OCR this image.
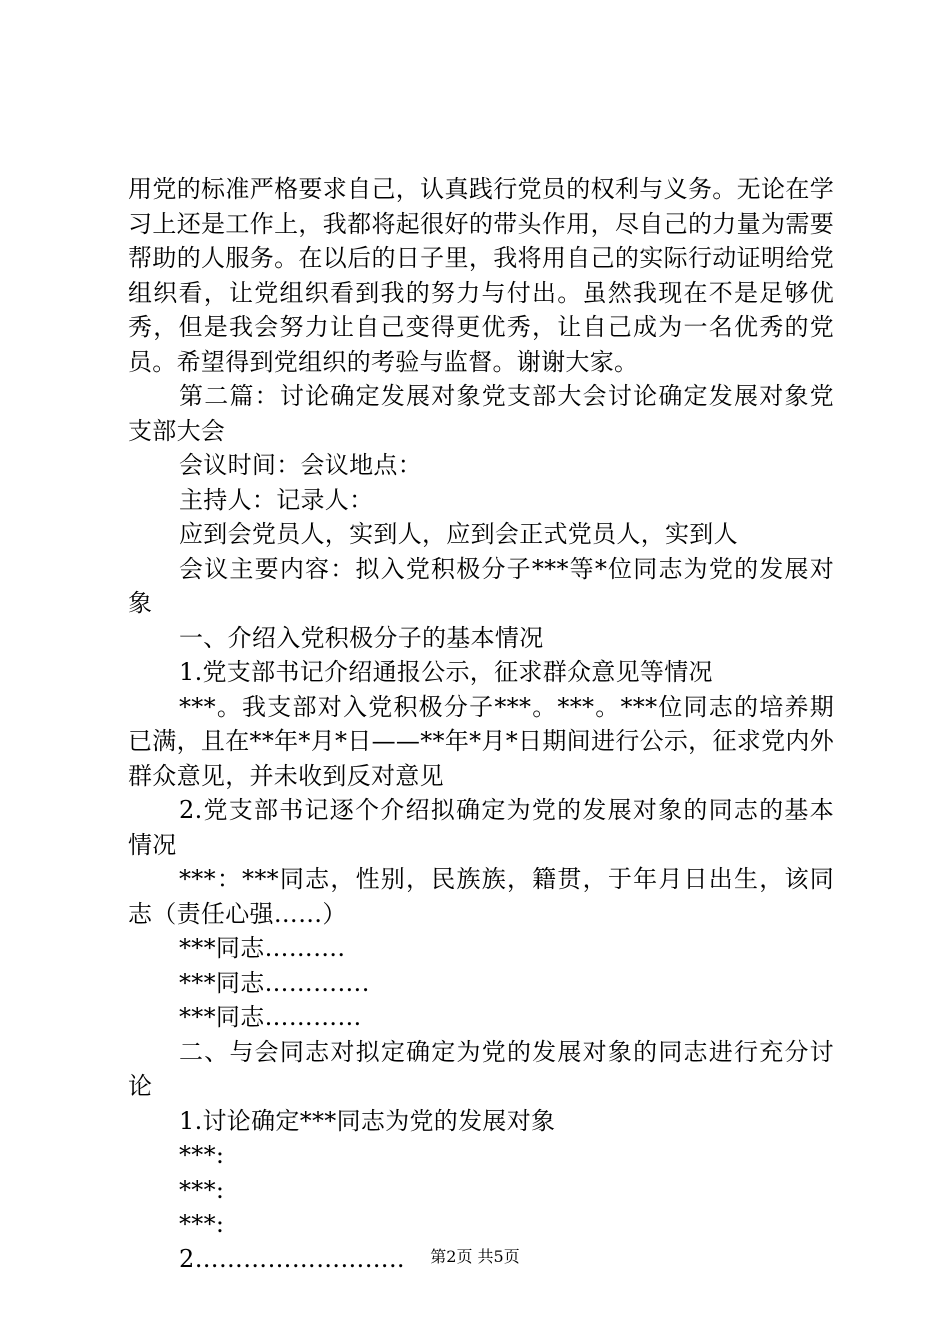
用党的标准严格要求自己，认真践行党员的权利与义务。无论在学习上还是工作上，我都将起很好的带头作用，尽自己的力量为需要帮助的人服务。在以后的日子里，我将用自己的实际行动证明给党组织看，让党组织看到我的努力与付出。虽然我现在不是足够优秀，但是我会努力让自己变得更优秀，让自己成为一名优秀的党员。希望得到党组织的考验与监督。谢谢大家。

第二篇：讨论确定发展对象党支部大会讨论确定发展对象党支部大会

会议时间：会议地点：

主持人：记录人：

应到会党员人，实到人，应到会正式党员人，实到人

会议主要内容：拟入党积极分子***等*位同志为党的发展对象

一、介绍入党积极分子的基本情况

1.党支部书记介绍通报公示，征求群众意见等情况

***。我支部对入党积极分子***。***。***位同志的培养期已满，且在**年*月*日——**年*月*日期间进行公示，征求党内外群众意见，并未收到反对意见

2.党支部书记逐个介绍拟确定为党的发展对象的同志的基本情况

***：***同志，性别，民族族，籍贯，于年月日出生，该同志（责任心强……）

***同志……….

***同志………….

***同志…………

二、与会同志对拟定确定为党的发展对象的同志进行充分讨论

1.讨论确定***同志为党的发展对象

***:

***:

***:

2……………………..	第2页 共5页
